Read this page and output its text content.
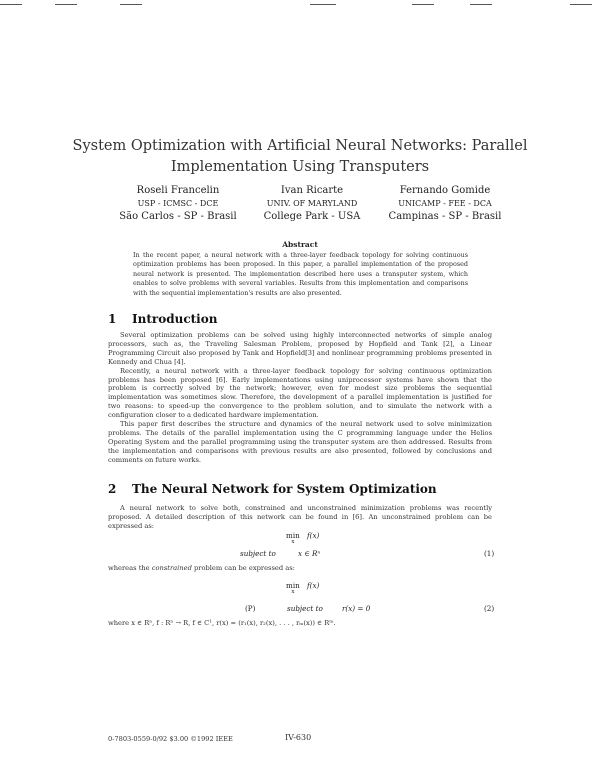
System Optimization with Artificial Neural Networks: Parallel
Implementation Using Transputers
Roseli Francelin
USP - ICMSC - DCE
São Carlos - SP - Brasil
Ivan Ricarte
UNIV. OF MARYLAND
College Park - USA
Fernando Gomide
UNICAMP - FEE - DCA
Campinas - SP - Brasil
Abstract
In the recent paper, a neural network with a three-layer feedback topology for solving continuous optimization problems has been proposed. In this paper, a parallel implementation of the proposed neural network is presented. The implementation described here uses a transputer system, which enables to solve problems with several variables. Results from this implementation and comparisons with the sequential implementation's results are also presented.
1 Introduction

Several optimization problems can be solved using highly interconnected networks of simple analog processors, such as, the Traveling Salesman Problem, proposed by Hopfield and Tank [2], a Linear Programming Circuit also proposed by Tank and Hopfield[3] and nonlinear programming problems presented in Kennedy and Chua [4].

Recently, a neural network with a three-layer feedback topology for solving continuous optimization problems has been proposed [6]. Early implementations using uniprocessor systems have shown that the problem is correctly solved by the network; however, even for modest size problems the sequential implementation was sometimes slow. Therefore, the development of a parallel implementation is justified for two reasons: to speed-up the convergence to the problem solution, and to simulate the network with a configuration closer to a dedicated hardware implementation.

This paper first describes the structure and dynamics of the neural network used to solve minimization problems. The details of the parallel implementation using the C programming language under the Helios Operating System and the parallel programming using the transputer system are then addressed. Results from the implementation and comparisons with previous results are also presented, followed by conclusions and comments on future works.

2 The Neural Network for System Optimization

A neural network to solve both, constrained and unconstrained minimization problems was recently proposed. A detailed description of this network can be found in [6]. An unconstrained problem can be expressed as:

min
x
f(x)
subject to	x ∈ Rⁿ	(1)
whereas the constrained problem can be expressed as:
min
x
f(x)
(P)	subject to	r(x) = 0	(2)
where x ∈ Rⁿ, f : Rⁿ → R, f ∈ C¹, r(x) = (r₁(x), r₂(x), . . . , rₘ(x)) ∈ Rᵐ.
0-7803-0559-0/92 $3.00 ©1992 IEEE	IV-630
